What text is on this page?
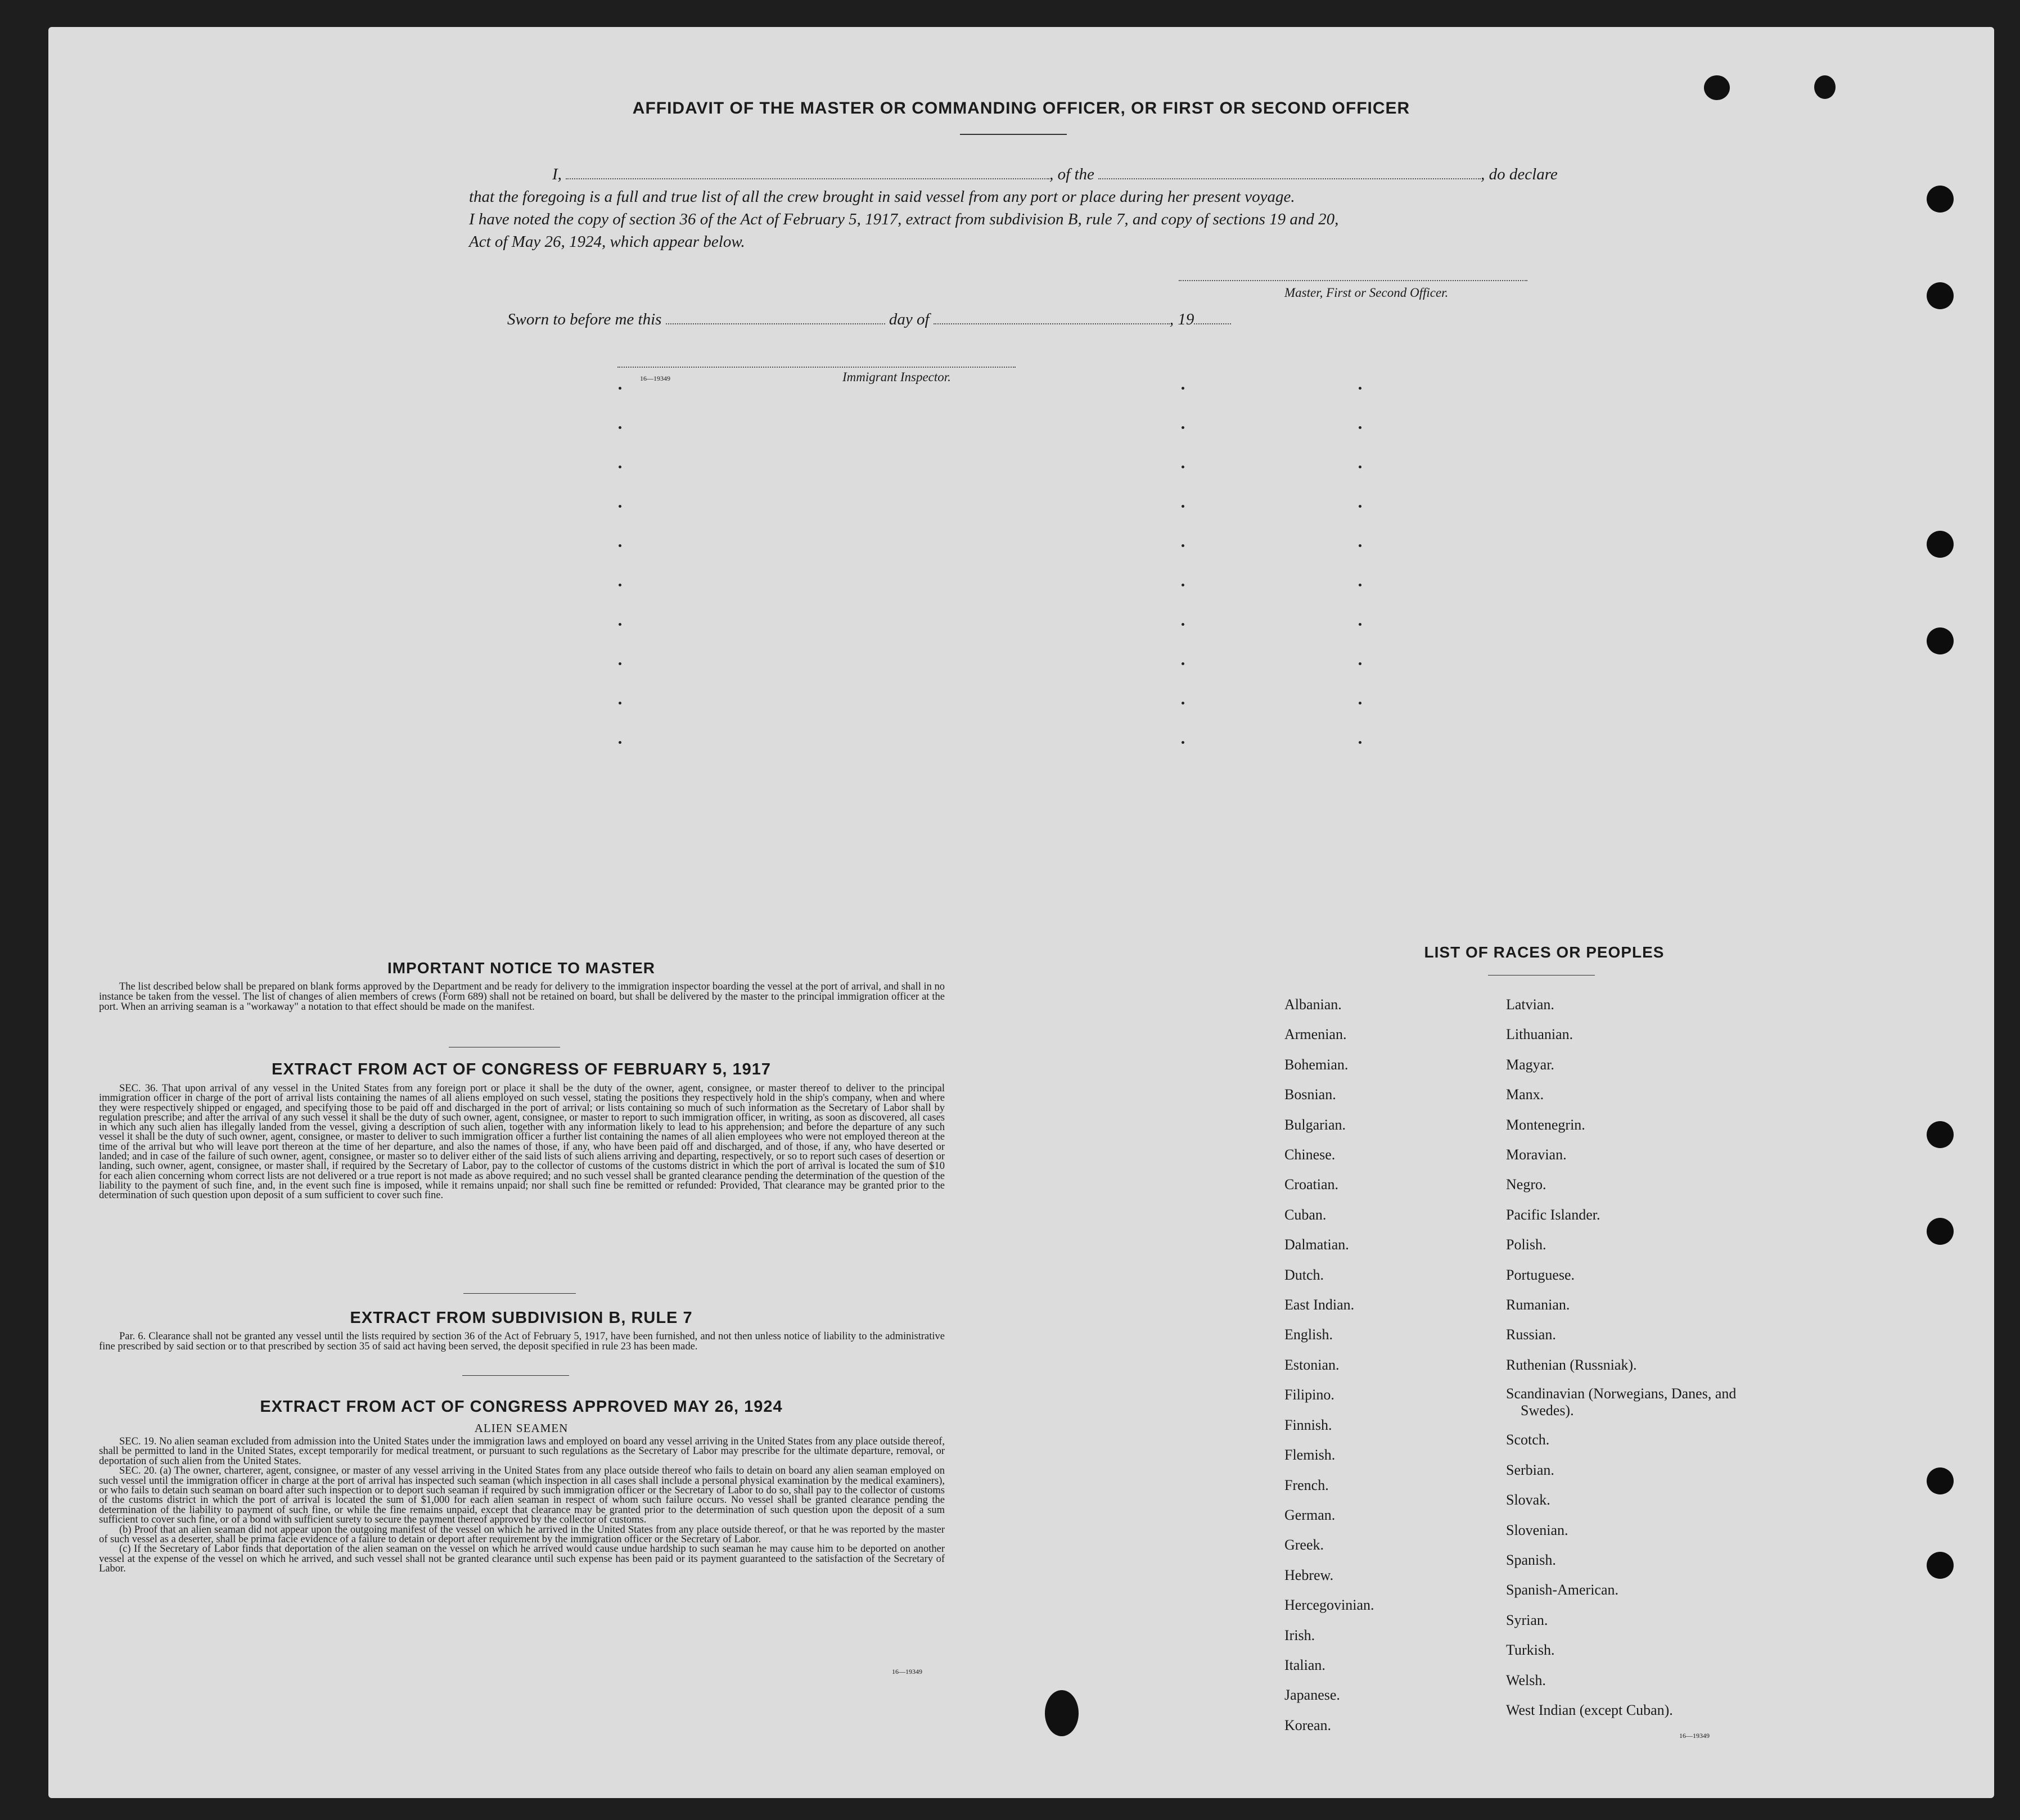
AFFIDAVIT OF THE MASTER OR COMMANDING OFFICER, OR FIRST OR SECOND OFFICER
I,	, of the	, do declare
that the foregoing is a full and true list of all the crew brought in said vessel from any port or place during her present voyage.
I have noted the copy of section 36 of the Act of February 5, 1917, extract from subdivision B, rule 7, and copy of sections 19 and 20,
Act of May 26, 1924, which appear below.
Master, First or Second Officer.
Sworn to before me this	day of	, 19
16—19349	Immigrant Inspector.
IMPORTANT NOTICE TO MASTER

The list described below shall be prepared on blank forms approved by the Department and be ready for delivery to the immigration inspector boarding the vessel at the port of arrival, and shall in no instance be taken from the vessel. The list of changes of alien members of crews (Form 689) shall not be retained on board, but shall be delivered by the master to the principal immigration officer at the port. When an arriving seaman is a "workaway" a notation to that effect should be made on the manifest.

EXTRACT FROM ACT OF CONGRESS OF FEBRUARY 5, 1917

SEC. 36. That upon arrival of any vessel in the United States from any foreign port or place it shall be the duty of the owner, agent, consignee, or master thereof to deliver to the principal immigration officer in charge of the port of arrival lists containing the names of all aliens employed on such vessel, stating the positions they respectively hold in the ship's company, when and where they were respectively shipped or engaged, and specifying those to be paid off and discharged in the port of arrival; or lists containing so much of such information as the Secretary of Labor shall by regulation prescribe; and after the arrival of any such vessel it shall be the duty of such owner, agent, consignee, or master to report to such immigration officer, in writing, as soon as discovered, all cases in which any such alien has illegally landed from the vessel, giving a description of such alien, together with any information likely to lead to his apprehension; and before the departure of any such vessel it shall be the duty of such owner, agent, consignee, or master to deliver to such immigration officer a further list containing the names of all alien employees who were not employed thereon at the time of the arrival but who will leave port thereon at the time of her departure, and also the names of those, if any, who have been paid off and discharged, and of those, if any, who have deserted or landed; and in case of the failure of such owner, agent, consignee, or master so to deliver either of the said lists of such aliens arriving and departing, respectively, or so to report such cases of desertion or landing, such owner, agent, consignee, or master shall, if required by the Secretary of Labor, pay to the collector of customs of the customs district in which the port of arrival is located the sum of $10 for each alien concerning whom correct lists are not delivered or a true report is not made as above required; and no such vessel shall be granted clearance pending the determination of the question of the liability to the payment of such fine, and, in the event such fine is imposed, while it remains unpaid; nor shall such fine be remitted or refunded: Provided, That clearance may be granted prior to the determination of such question upon deposit of a sum sufficient to cover such fine.

EXTRACT FROM SUBDIVISION B, RULE 7

Par. 6. Clearance shall not be granted any vessel until the lists required by section 36 of the Act of February 5, 1917, have been furnished, and not then unless notice of liability to the administrative fine prescribed by said section or to that prescribed by section 35 of said act having been served, the deposit specified in rule 23 has been made.

EXTRACT FROM ACT OF CONGRESS APPROVED MAY 26, 1924
ALIEN SEAMEN

SEC. 19. No alien seaman excluded from admission into the United States under the immigration laws and employed on board any vessel arriving in the United States from any place outside thereof, shall be permitted to land in the United States, except temporarily for medical treatment, or pursuant to such regulations as the Secretary of Labor may prescribe for the ultimate departure, removal, or deportation of such alien from the United States.

SEC. 20. (a) The owner, charterer, agent, consignee, or master of any vessel arriving in the United States from any place outside thereof who fails to detain on board any alien seaman employed on such vessel until the immigration officer in charge at the port of arrival has inspected such seaman (which inspection in all cases shall include a personal physical examination by the medical examiners), or who fails to detain such seaman on board after such inspection or to deport such seaman if required by such immigration officer or the Secretary of Labor to do so, shall pay to the collector of customs of the customs district in which the port of arrival is located the sum of $1,000 for each alien seaman in respect of whom such failure occurs. No vessel shall be granted clearance pending the determination of the liability to payment of such fine, or while the fine remains unpaid, except that clearance may be granted prior to the determination of such question upon the deposit of a sum sufficient to cover such fine, or of a bond with sufficient surety to secure the payment thereof approved by the collector of customs.

(b) Proof that an alien seaman did not appear upon the outgoing manifest of the vessel on which he arrived in the United States from any place outside thereof, or that he was reported by the master of such vessel as a deserter, shall be prima facie evidence of a failure to detain or deport after requirement by the immigration officer or the Secretary of Labor.

(c) If the Secretary of Labor finds that deportation of the alien seaman on the vessel on which he arrived would cause undue hardship to such seaman he may cause him to be deported on another vessel at the expense of the vessel on which he arrived, and such vessel shall not be granted clearance until such expense has been paid or its payment guaranteed to the satisfaction of the Secretary of Labor.

16—19349
LIST OF RACES OR PEOPLES
Albanian.
Armenian.
Bohemian.
Bosnian.
Bulgarian.
Chinese.
Croatian.
Cuban.
Dalmatian.
Dutch.
East Indian.
English.
Estonian.
Filipino.
Finnish.
Flemish.
French.
German.
Greek.
Hebrew.
Hercegovinian.
Irish.
Italian.
Japanese.
Korean.
Latvian.
Lithuanian.
Magyar.
Manx.
Montenegrin.
Moravian.
Negro.
Pacific Islander.
Polish.
Portuguese.
Rumanian.
Russian.
Ruthenian (Russniak).
Scandinavian (Norwegians, Danes, and Swedes).
Scotch.
Serbian.
Slovak.
Slovenian.
Spanish.
Spanish-American.
Syrian.
Turkish.
Welsh.
West Indian (except Cuban).
16—19349
